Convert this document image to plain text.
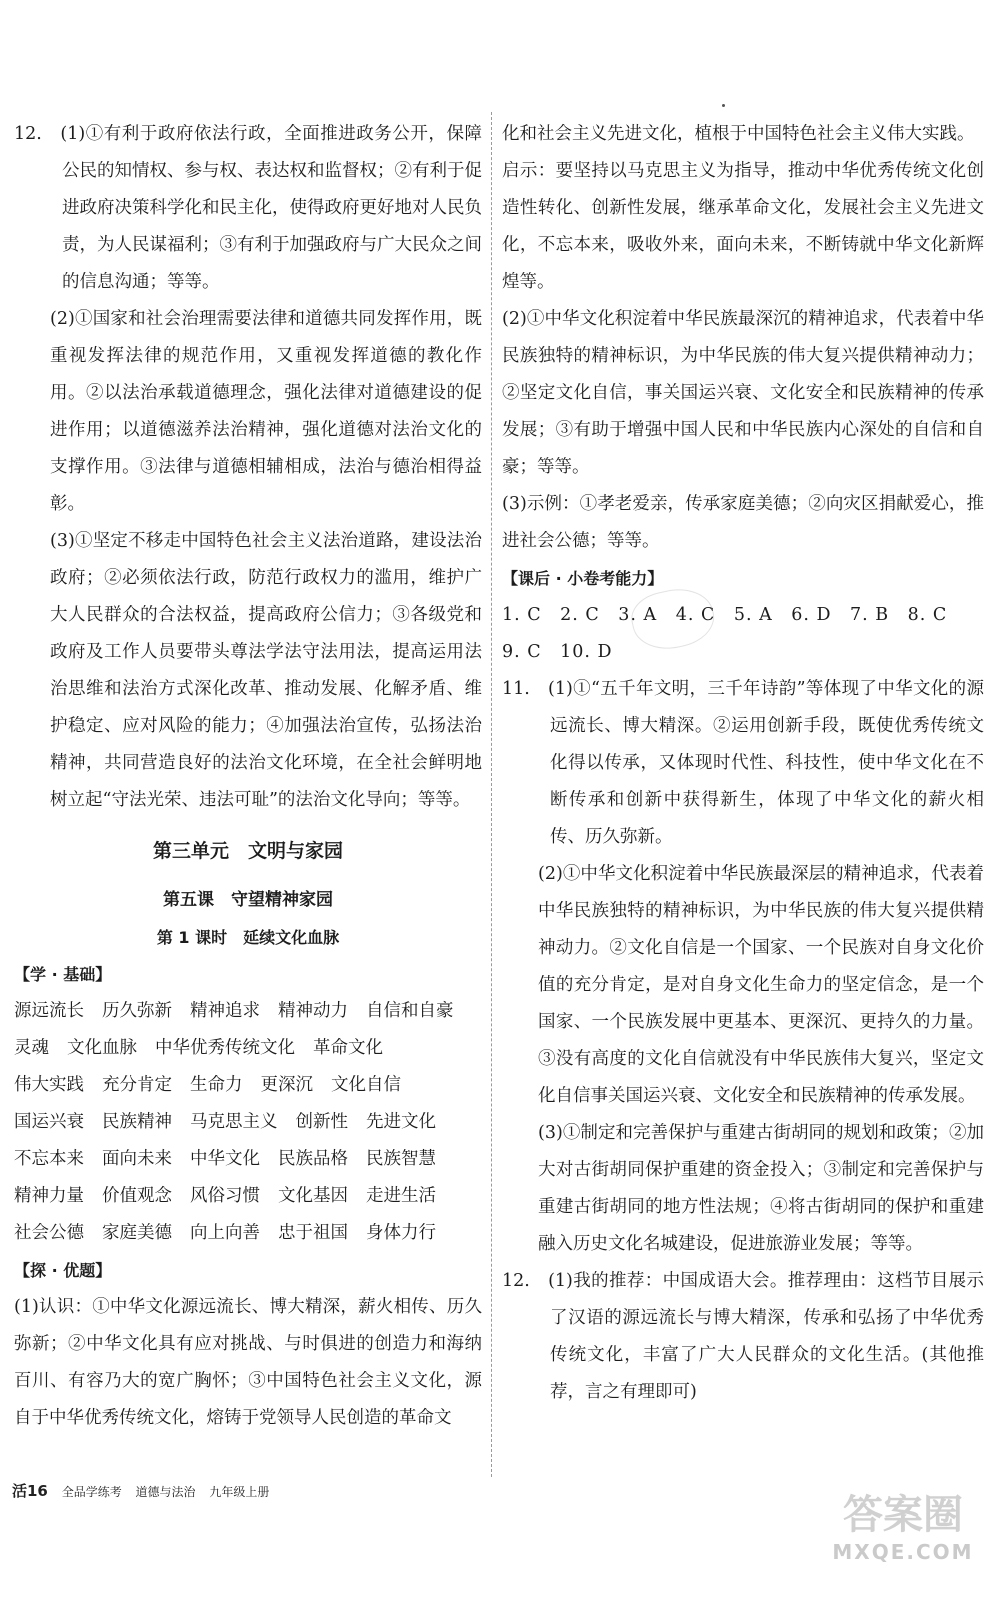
12.　(1)①有利于政府依法行政，全面推进政务公开，保障公民的知情权、参与权、表达权和监督权；②有利于促进政府决策科学化和民主化，使得政府更好地对人民负责，为人民谋福利；③有利于加强政府与广大民众之间的信息沟通；等等。

(2)①国家和社会治理需要法律和道德共同发挥作用，既重视发挥法律的规范作用，又重视发挥道德的教化作用。②以法治承载道德理念，强化法律对道德建设的促进作用；以道德滋养法治精神，强化道德对法治文化的支撑作用。③法律与道德相辅相成，法治与德治相得益彰。

(3)①坚定不移走中国特色社会主义法治道路，建设法治政府；②必须依法行政，防范行政权力的滥用，维护广大人民群众的合法权益，提高政府公信力；③各级党和政府及工作人员要带头尊法学法守法用法，提高运用法治思维和法治方式深化改革、推动发展、化解矛盾、维护稳定、应对风险的能力；④加强法治宣传，弘扬法治精神，共同营造良好的法治文化环境，在全社会鲜明地树立起“守法光荣、违法可耻”的法治文化导向；等等。

第三单元　文明与家园

第五课　守望精神家园

第 1 课时　延续文化血脉

【学 · 基础】

源远流长 历久弥新 精神追求 精神动力 自信和自豪
灵魂 文化血脉 中华优秀传统文化 革命文化
伟大实践 充分肯定 生命力 更深沉 文化自信
国运兴衰 民族精神 马克思主义 创新性 先进文化
不忘本来 面向未来 中华文化 民族品格 民族智慧
精神力量 价值观念 风俗习惯 文化基因 走进生活
社会公德 家庭美德 向上向善 忠于祖国 身体力行

【探 · 优题】

(1)认识：①中华文化源远流长、博大精深，薪火相传、历久弥新；②中华文化具有应对挑战、与时俱进的创造力和海纳百川、有容乃大的宽广胸怀；③中国特色社会主义文化，源自于中华优秀传统文化，熔铸于党领导人民创造的革命文

化和社会主义先进文化，植根于中国特色社会主义伟大实践。

启示：要坚持以马克思主义为指导，推动中华优秀传统文化创造性转化、创新性发展，继承革命文化，发展社会主义先进文化，不忘本来，吸收外来，面向未来，不断铸就中华文化新辉煌等。

(2)①中华文化积淀着中华民族最深沉的精神追求，代表着中华民族独特的精神标识，为中华民族的伟大复兴提供精神动力；②坚定文化自信，事关国运兴衰、文化安全和民族精神的传承发展；③有助于增强中国人民和中华民族内心深处的自信和自豪；等等。

(3)示例：①孝老爱亲，传承家庭美德；②向灾区捐献爱心，推进社会公德；等等。

【课后 · 小卷考能力】

1. C　2. C　3. A　4. C　5. A　6. D　7. B　8. C

9. C　10. D

11.　(1)①“五千年文明，三千年诗韵”等体现了中华文化的源远流长、博大精深。②运用创新手段，既使优秀传统文化得以传承，又体现时代性、科技性，使中华文化在不断传承和创新中获得新生，体现了中华文化的薪火相传、历久弥新。

(2)①中华文化积淀着中华民族最深层的精神追求，代表着中华民族独特的精神标识，为中华民族的伟大复兴提供精神动力。②文化自信是一个国家、一个民族对自身文化价值的充分肯定，是对自身文化生命力的坚定信念，是一个国家、一个民族发展中更基本、更深沉、更持久的力量。③没有高度的文化自信就没有中华民族伟大复兴，坚定文化自信事关国运兴衰、文化安全和民族精神的传承发展。

(3)①制定和完善保护与重建古街胡同的规划和政策；②加大对古街胡同保护重建的资金投入；③制定和完善保护与重建古街胡同的地方性法规；④将古街胡同的保护和重建融入历史文化名城建设，促进旅游业发展；等等。

12.　(1)我的推荐：中国成语大会。推荐理由：这档节目展示了汉语的源远流长与博大精深，传承和弘扬了中华优秀传统文化，丰富了广大人民群众的文化生活。(其他推荐，言之有理即可)

活16 全品学练考 道德与法治 九年级上册	答案圈
MXQE.COM
